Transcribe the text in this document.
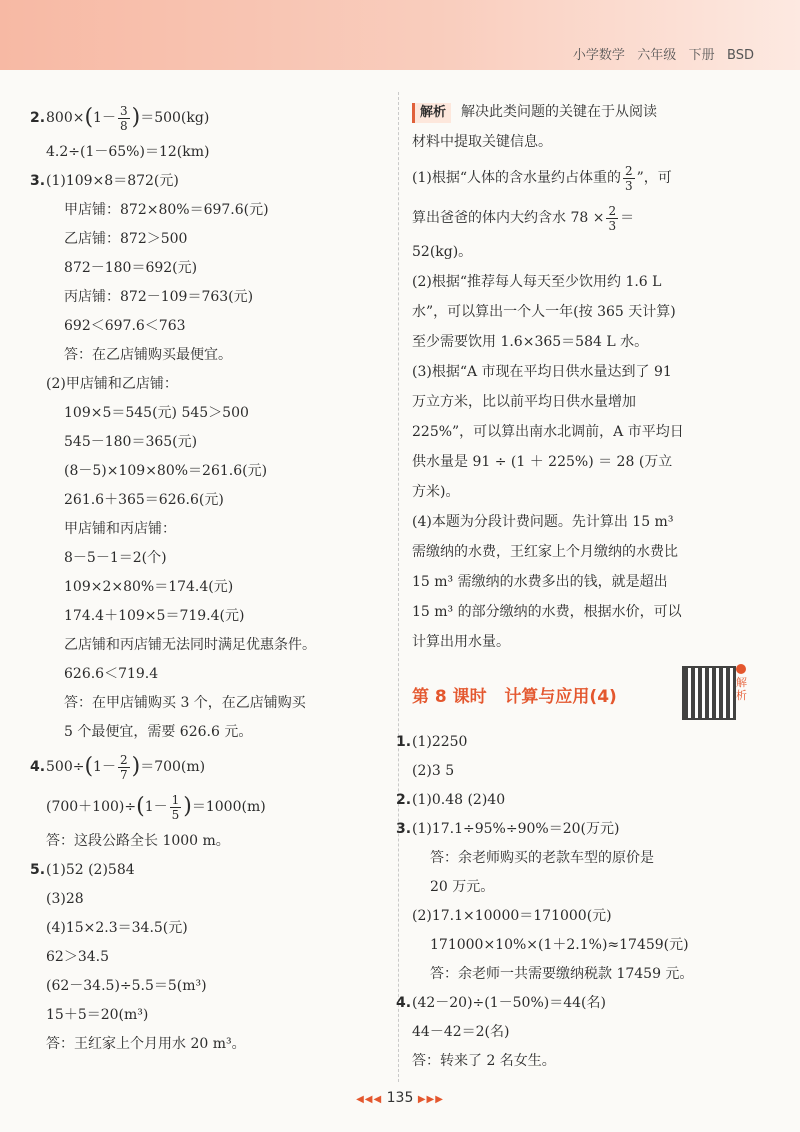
小学数学   六年级   下册   BSD
$2.800\times(1- \frac{3}{8} )=500(kg)$
4.2÷(1－65%)＝12(km)
3.(1)109×8＝872(元)
甲店铺：872×80%＝697.6(元)
乙店铺：872＞500
872－180＝692(元)
丙店铺：872－109＝763(元)
692＜697.6＜763
答：在乙店铺购买最便宜。
(2)甲店铺和乙店铺：
109×5＝545(元) 545＞500
545－180＝365(元)
(8－5)×109×80%＝261.6(元)
261.6＋365＝626.6(元)
甲店铺和丙店铺：
8－5－1＝2(个)
109×2×80%＝174.4(元)
174.4＋109×5＝719.4(元)
乙店铺和丙店铺无法同时满足优惠条件。
626.6＜719.4
答：在甲店铺购买 3 个，在乙店铺购买
5 个最便宜，需要 626.6 元。
$4.500\div(1- \frac{2}{7} )=700(m)$
$(700+100)\div(1- \frac{1}{5} )=1000(m)$
答：这段公路全长 1000 m。
5.(1)52 (2)584
(3)28
(4)15×2.3＝34.5(元)
62＞34.5
(62－34.5)÷5.5＝5(m³)
15＋5＝20(m³)
答：王红家上个月用水 20 m³。
解析 解决此类问题的关键在于从阅读
材料中提取关键信息。
(1)根据“人体的含水量约占体重的 $\frac{2}{3}$ ”，可
算出爸爸的体内大约含水 $78 \times \frac{2}{3}$ ＝
52(kg)。
(2)根据“推荐每人每天至少饮用约 1.6 L
水”，可以算出一个人一年(按 365 天计算)
至少需要饮用 1.6×365＝584 L 水。
(3)根据“A 市现在平均日供水量达到了 91
万立方米，比以前平均日供水量增加
225%”，可以算出南水北调前，A 市平均日
供水量是 91 ÷ (1 ＋ 225%) ＝ 28 (万立
方米)。
(4)本题为分段计费问题。先计算出 15 m³
需缴纳的水费，王红家上个月缴纳的水费比
15 m³ 需缴纳的水费多出的钱，就是超出
15 m³ 的部分缴纳的水费，根据水价，可以
计算出用水量。
第 8 课时   计算与应用(4)
解析
1.(1)2250
(2)3 5
2.(1)0.48 (2)40
3.(1)17.1÷95%÷90%＝20(万元)
答：余老师购买的老款车型的原价是
20 万元。
(2)17.1×10000＝171000(元)
171000×10%×(1＋2.1%)≈17459(元)
答：余老师一共需要缴纳税款 17459 元。
4.(42－20)÷(1－50%)＝44(名)
44－42＝2(名)
答：转来了 2 名女生。
◀◀◀ 135 ▶▶▶
